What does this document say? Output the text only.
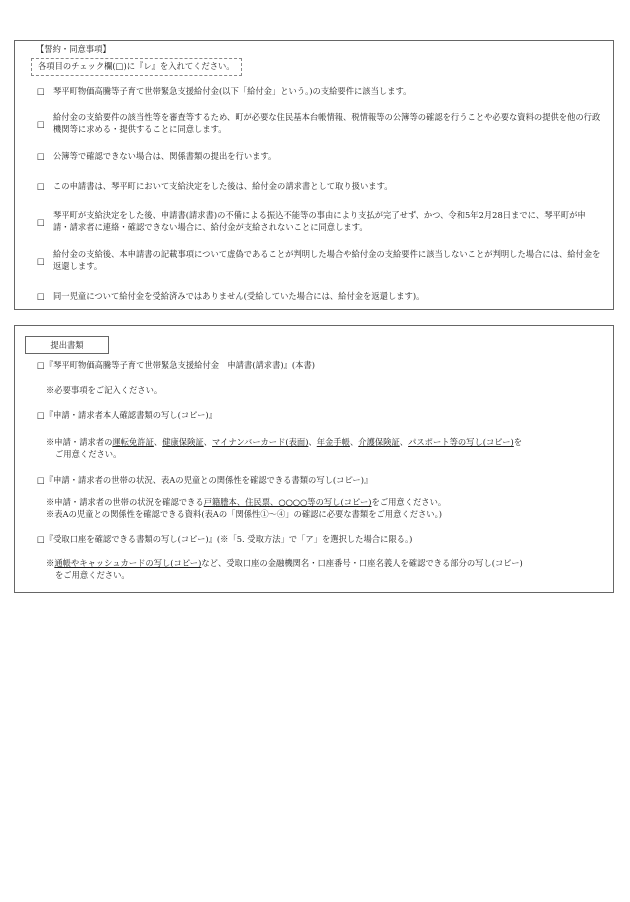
【誓約・同意事項】
各項目のチェック欄(□)に『レ』を入れてください。
□ 琴平町物価高騰等子育て世帯緊急支援給付金(以下「給付金」という。)の支給要件に該当します。
□
給付金の支給要件の該当性等を審査等するため、町が必要な住民基本台帳情報、税情報等の公簿等の確認を行うことや必要な資料の提供を他の行政機関等に求める・提供することに同意します。
□ 公簿等で確認できない場合は、関係書類の提出を行います。
□ この申請書は、琴平町において支給決定をした後は、給付金の請求書として取り扱います。
□
琴平町が支給決定をした後、申請書(請求書)の不備による振込不能等の事由により支払が完了せず、かつ、令和5年2月28日までに、琴平町が申請・請求者に連絡・確認できない場合に、給付金が支給されないことに同意します。
□
給付金の支給後、本申請書の記載事項について虚偽であることが判明した場合や給付金の支給要件に該当しないことが判明した場合には、給付金を返還します。
□ 同一児童について給付金を受給済みではありません(受給していた場合には、給付金を返還します)。
提出書類
□『琴平町物価高騰等子育て世帯緊急支援給付金　申請書(請求書)』(本書)
※必要事項をご記入ください。
□『申請・請求者本人確認書類の写し(コピー)』
※申請・請求者の運転免許証、健康保険証、マイナンバーカード(表面)、年金手帳、介護保険証、パスポート等の写し(コピー)を
ご用意ください。
□『申請・請求者の世帯の状況、表Aの児童との関係性を確認できる書類の写し(コピー)』
※申請・請求者の世帯の状況を確認できる戸籍謄本、住民票、○○○○等の写し(コピー)をご用意ください。
※表Aの児童との関係性を確認できる資料(表Aの「関係性①～④」の確認に必要な書類をご用意ください。)
□『受取口座を確認できる書類の写し(コピー)』(※「5. 受取方法」で「ア」を選択した場合に限る。)
※通帳やキャッシュカードの写し(コピー)など、受取口座の金融機関名・口座番号・口座名義人を確認できる部分の写し(コピー)
をご用意ください。
